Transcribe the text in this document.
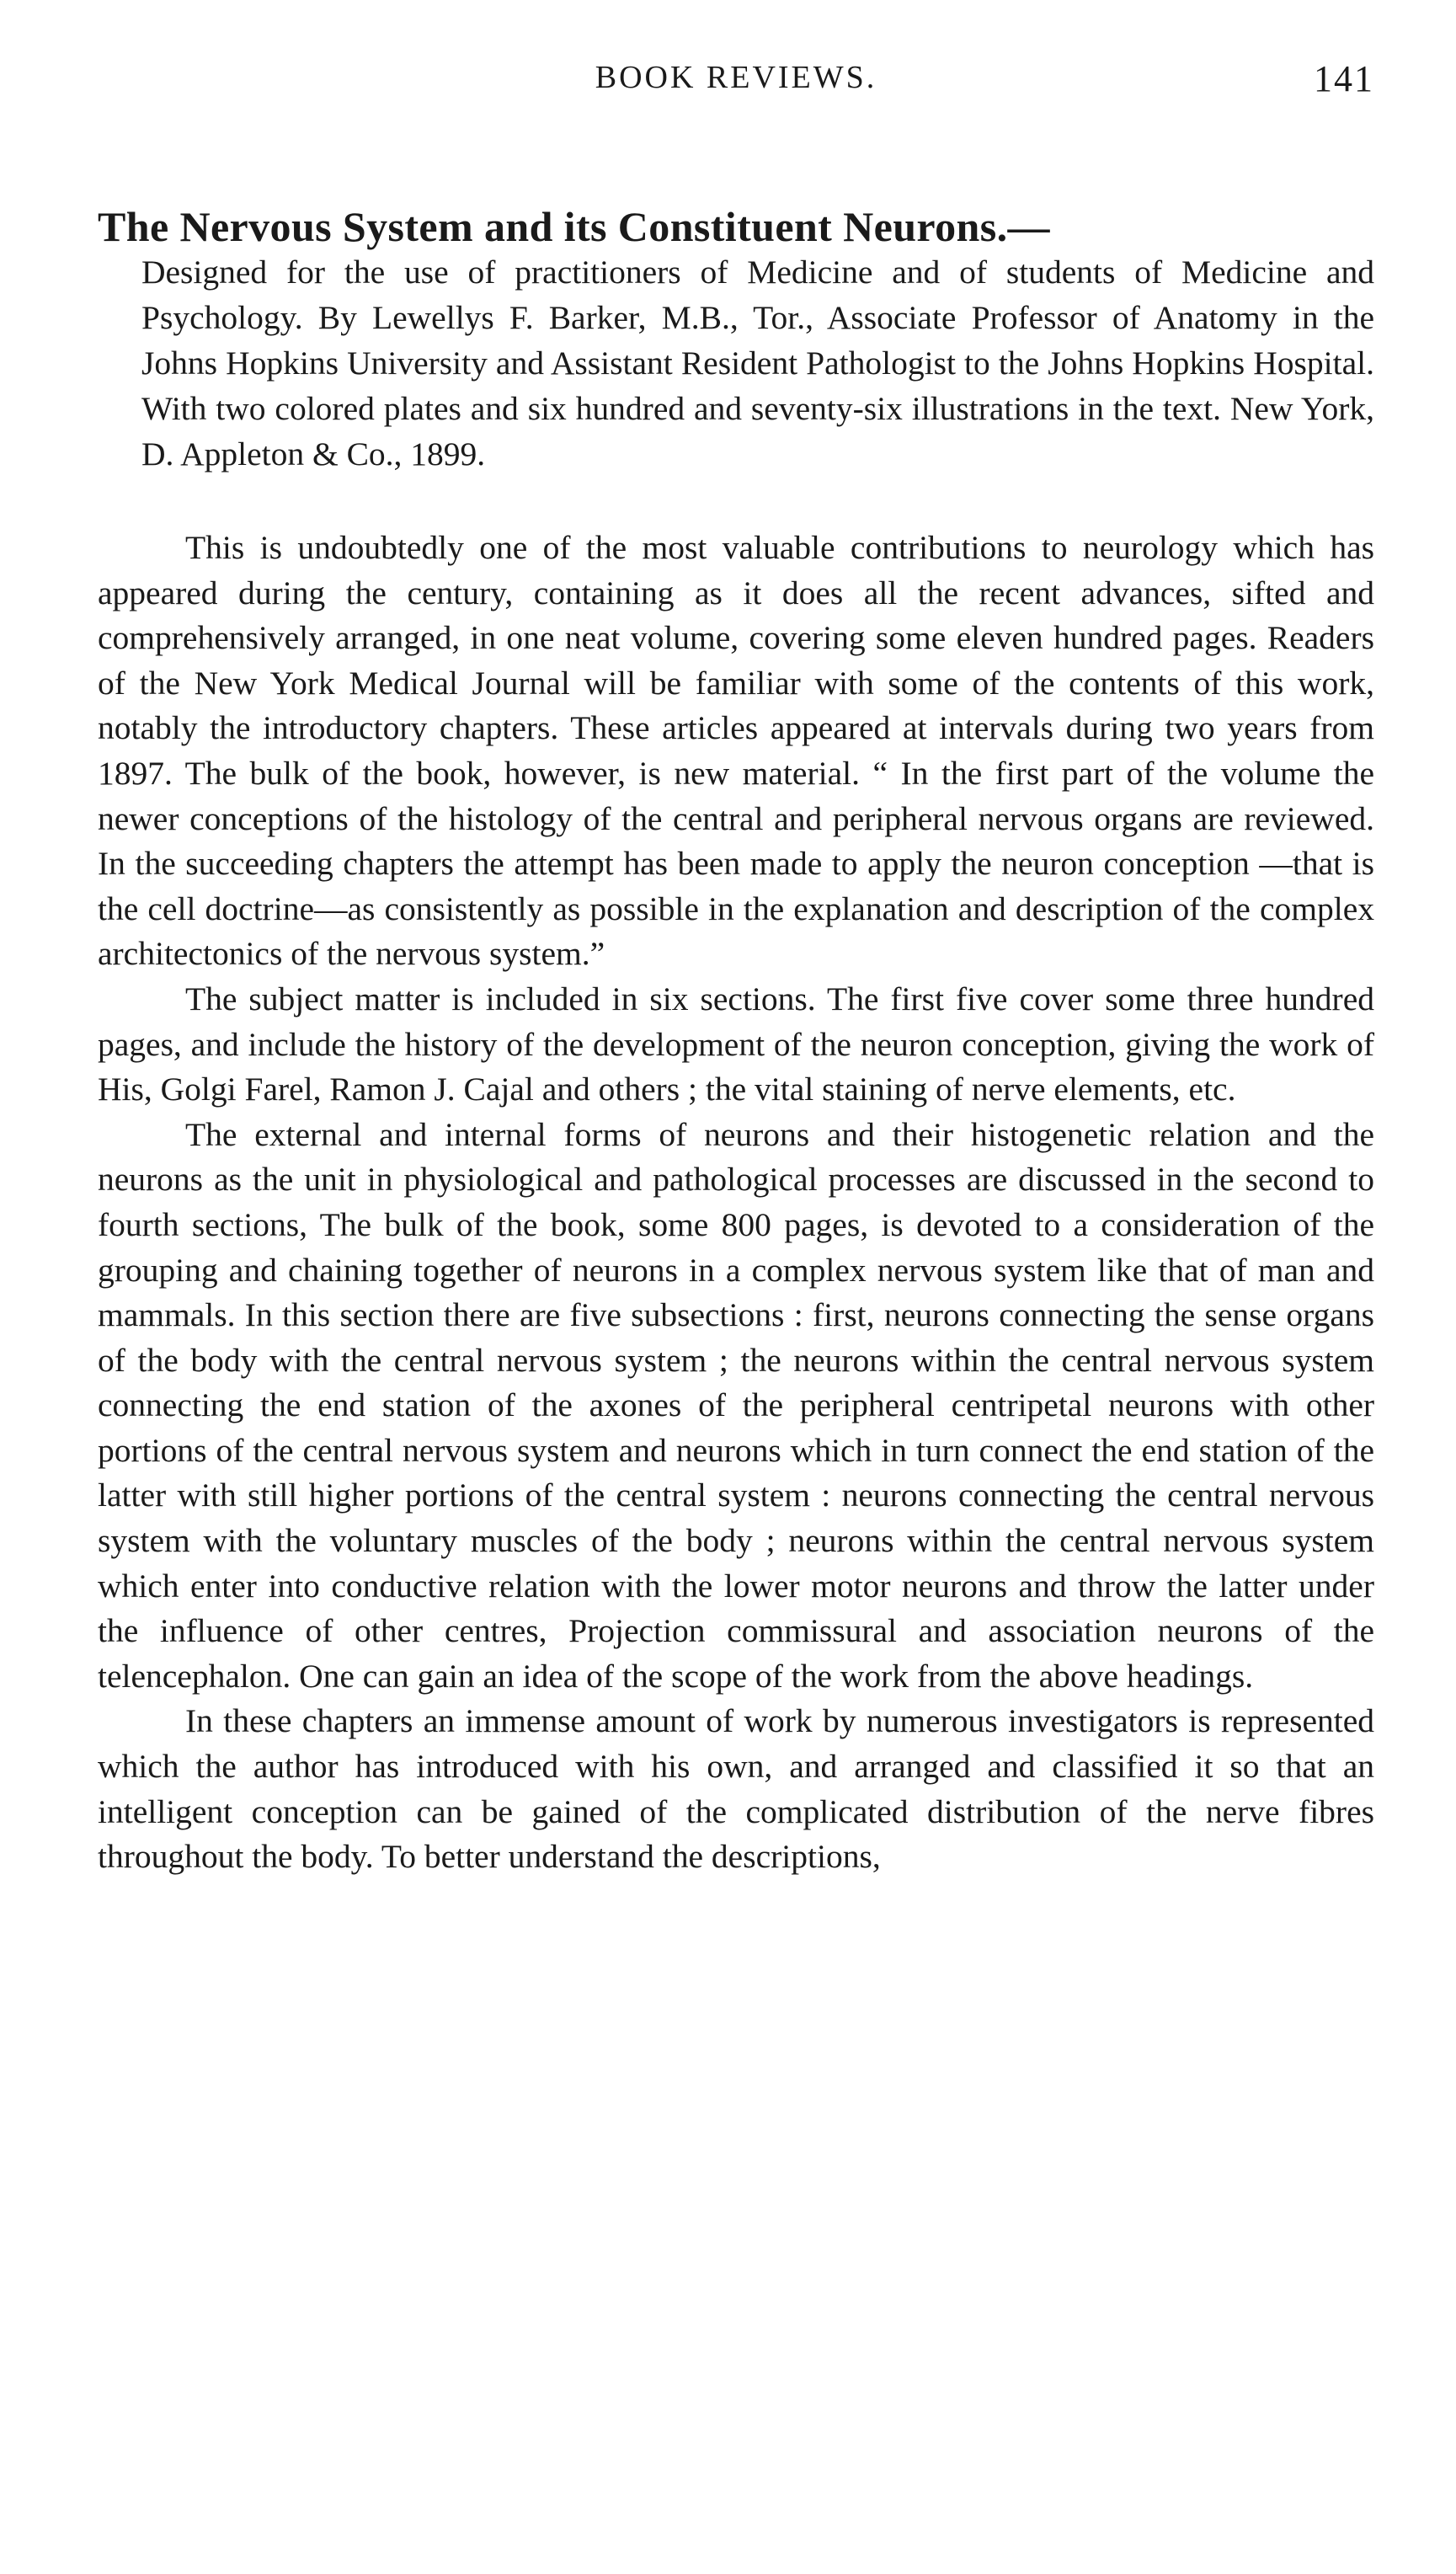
BOOK REVIEWS.	141
The Nervous System and its Constituent Neurons.—

Designed for the use of practitioners of Medicine and of students of Medicine and Psychology. By Lewellys F. Barker, M.B., Tor., Associate Professor of Anatomy in the Johns Hopkins University and Assistant Resident Pathologist to the Johns Hopkins Hospital. With two colored plates and six hundred and seventy-six illustrations in the text. New York, D. Appleton & Co., 1899.

This is undoubtedly one of the most valuable contributions to neurology which has appeared during the century, containing as it does all the recent advances, sifted and comprehensively arranged, in one neat volume, covering some eleven hundred pages. Readers of the New York Medical Journal will be familiar with some of the contents of this work, notably the introductory chapters. These articles appeared at intervals during two years from 1897. The bulk of the book, however, is new material. “ In the first part of the volume the newer conceptions of the histology of the central and peripheral nervous organs are reviewed. In the succeeding chapters the attempt has been made to apply the neuron conception —that is the cell doctrine—as consistently as possible in the explanation and description of the complex architectonics of the nervous system.”

The subject matter is included in six sections. The first five cover some three hundred pages, and include the history of the development of the neuron conception, giving the work of His, Golgi Farel, Ramon J. Cajal and others ; the vital staining of nerve elements, etc.

The external and internal forms of neurons and their histogenetic relation and the neurons as the unit in physiological and pathological processes are discussed in the second to fourth sections, The bulk of the book, some 800 pages, is devoted to a consideration of the grouping and chaining together of neurons in a complex nervous system like that of man and mammals. In this section there are five subsections : first, neurons connecting the sense organs of the body with the central nervous system ; the neurons within the central nervous system connecting the end station of the axones of the peripheral centripetal neurons with other portions of the central nervous system and neurons which in turn connect the end station of the latter with still higher portions of the central system : neurons connecting the central nervous system with the voluntary muscles of the body ; neurons within the central nervous system which enter into conductive relation with the lower motor neurons and throw the latter under the influence of other centres, Projection commissural and association neurons of the telencephalon. One can gain an idea of the scope of the work from the above headings.

In these chapters an immense amount of work by numerous investigators is represented which the author has introduced with his own, and arranged and classified it so that an intelligent conception can be gained of the complicated distribution of the nerve fibres throughout the body. To better understand the descriptions,
